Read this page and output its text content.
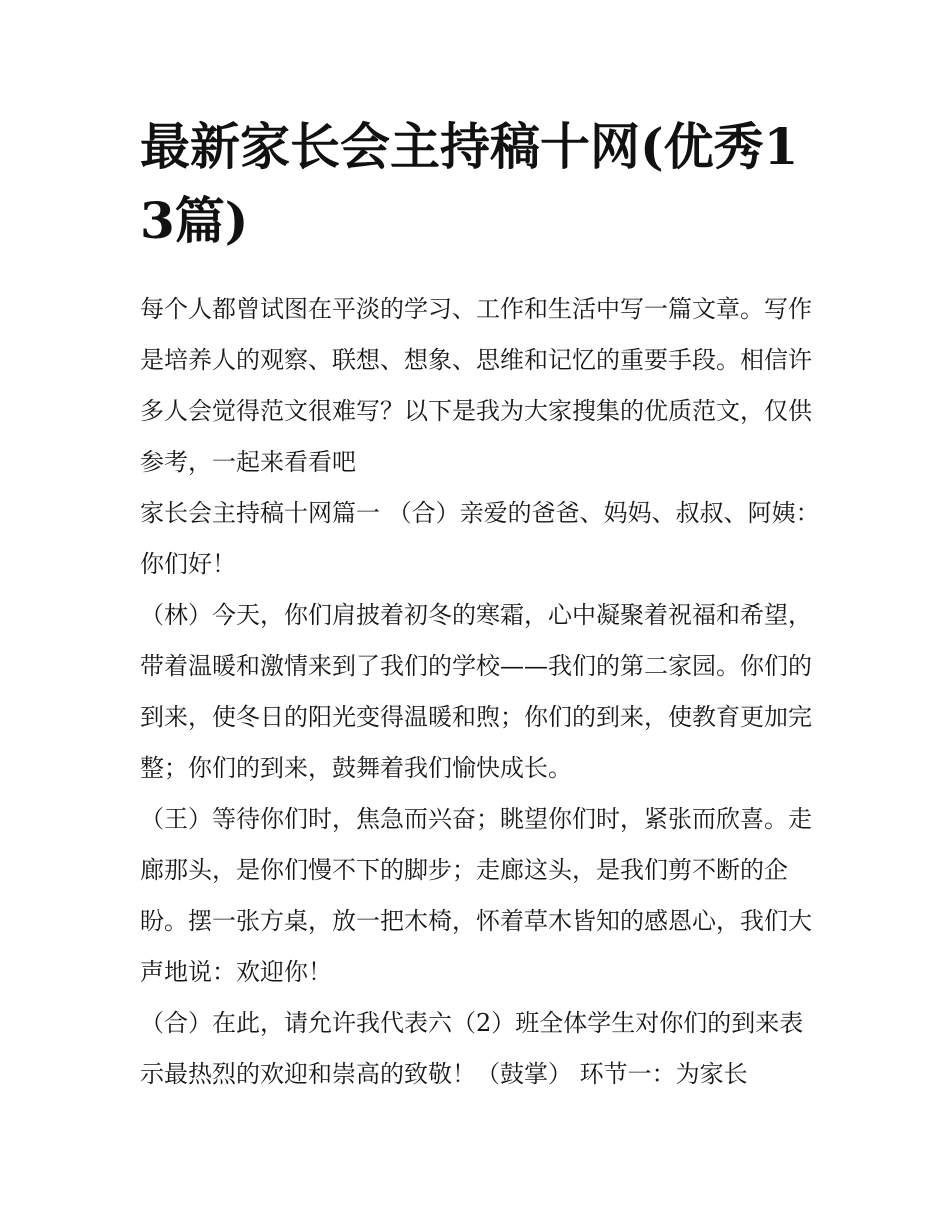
最新家长会主持稿十网(优秀13篇)

每个人都曾试图在平淡的学习、工作和生活中写一篇文章。写作是培养人的观察、联想、想象、思维和记忆的重要手段。相信许多人会觉得范文很难写？以下是我为大家搜集的优质范文，仅供参考，一起来看看吧

家长会主持稿十网篇一 （合）亲爱的爸爸、妈妈、叔叔、阿姨：你们好！

（林）今天，你们肩披着初冬的寒霜，心中凝聚着祝福和希望，带着温暖和激情来到了我们的学校——我们的第二家园。你们的到来，使冬日的阳光变得温暖和煦；你们的到来，使教育更加完整；你们的到来，鼓舞着我们愉快成长。

（王）等待你们时，焦急而兴奋；眺望你们时，紧张而欣喜。走廊那头，是你们慢不下的脚步；走廊这头，是我们剪不断的企盼。摆一张方桌，放一把木椅，怀着草木皆知的感恩心，我们大声地说：欢迎你！

（合）在此，请允许我代表六（2）班全体学生对你们的到来表示最热烈的欢迎和崇高的致敬！（鼓掌） 环节一：为家长
